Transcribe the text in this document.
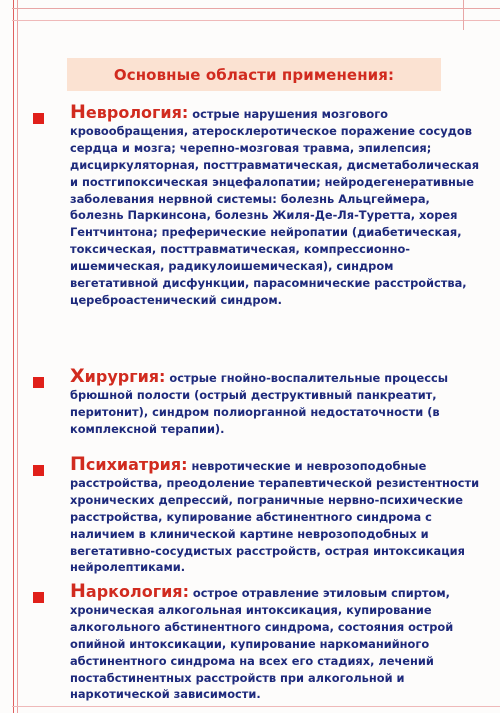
Основные области применения:

Неврология: острые нарушения мозгового кровообращения, атеросклеротическое поражение сосудов сердца и мозга; черепно-мозговая травма, эпилепсия; дисциркуляторная, посттравматическая, дисметаболическая и постгипоксическая энцефалопатии; нейродегенеративные заболевания нервной системы: болезнь Альцгеймера, болезнь Паркинсона, болезнь Жиля-Де-Ля-Туретта, хорея Гентчинтона; преферические нейропатии (диабетическая, токсическая, посттравматическая, компрессионно-ишемическая, радикулоишемическая), синдром вегетативной дисфункции, парасомнические расстройства, цереброастенический синдром.

Хирургия: острые гнойно-воспалительные процессы брюшной полости (острый деструктивный панкреатит, перитонит), синдром полиорганной недостаточности (в комплексной терапии).

Психиатрия: невротические и неврозоподобные расстройства, преодоление терапевтической резистентности хронических депрессий, пограничные нервно-психические расстройства, купирование абстинентного синдрома с наличием в клинической картине неврозоподобных и вегетативно-сосудистых расстройств, острая интоксикация нейролептиками.

Наркология: острое отравление этиловым спиртом, хроническая алкогольная интоксикация, купирование алкогольного абстинентного синдрома, состояния острой опийной интоксикации, купирование наркоманийного абстинентного синдрома на всех его стадиях, лечений постабстинентных расстройств при алкогольной и наркотической зависимости.
